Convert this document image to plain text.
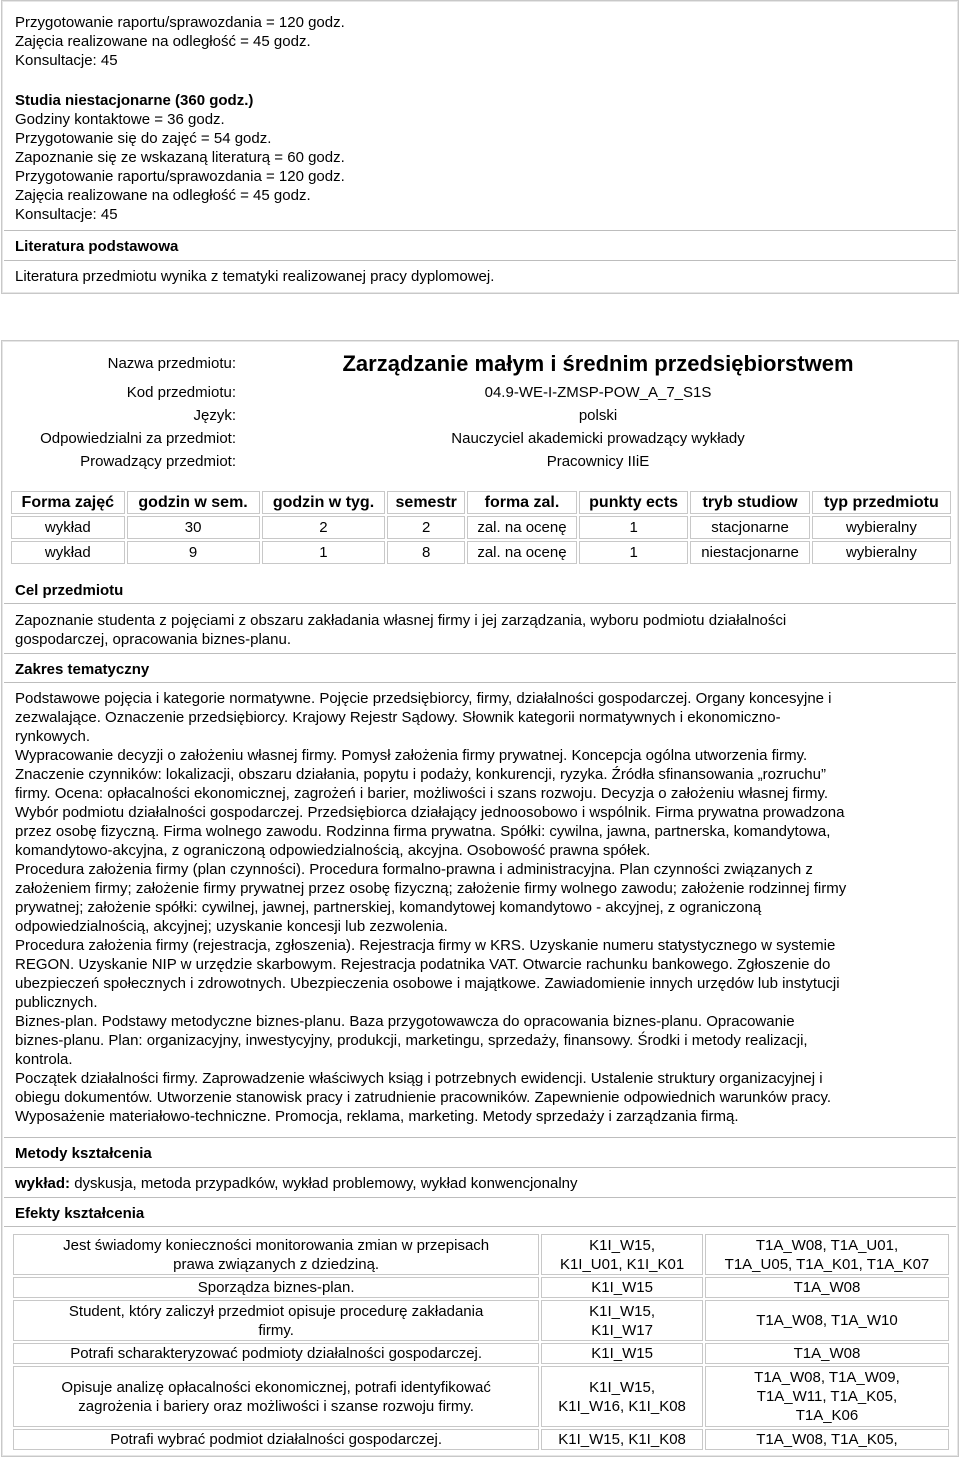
Przygotowanie raportu/sprawozdania = 120 godz.
Zajęcia realizowane na odległość = 45 godz.
Konsultacje: 45
Studia niestacjonarne (360 godz.)
Godziny kontaktowe = 36 godz.
Przygotowanie się do zajęć = 54 godz.
Zapoznanie się ze wskazaną literaturą = 60 godz.
Przygotowanie raportu/sprawozdania = 120 godz.
Zajęcia realizowane na odległość = 45 godz.
Konsultacje: 45
Literatura podstawowa
Literatura przedmiotu wynika z tematyki realizowanej pracy dyplomowej.
Nazwa przedmiotu:	Zarządzanie małym i średnim przedsiębiorstwem
Kod przedmiotu:	04.9-WE-I-ZMSP-POW_A_7_S1S
Język:	polski
Odpowiedzialni za przedmiot:	Nauczyciel akademicki prowadzący wykłady
Prowadzący przedmiot:	Pracownicy IIiE
Forma zajęć	godzin w sem.	godzin w tyg.	semestr	forma zal.	punkty ects	tryb studiow	typ przedmiotu
wykład	30	2	2	zal. na ocenę	1	stacjonarne	wybieralny
wykład	9	1	8	zal. na ocenę	1	niestacjonarne	wybieralny
Cel przedmiotu
Zapoznanie studenta z pojęciami z obszaru zakładania własnej firmy i jej zarządzania, wyboru podmiotu działalności
gospodarczej, opracowania biznes-planu.
Zakres tematyczny
Podstawowe pojęcia i kategorie normatywne. Pojęcie przedsiębiorcy, firmy, działalności gospodarczej. Organy koncesyjne i
zezwalające. Oznaczenie przedsiębiorcy. Krajowy Rejestr Sądowy. Słownik kategorii normatywnych i ekonomiczno-
rynkowych.
Wypracowanie decyzji o założeniu własnej firmy. Pomysł założenia firmy prywatnej. Koncepcja ogólna utworzenia firmy.
Znaczenie czynników: lokalizacji, obszaru działania, popytu i podaży, konkurencji, ryzyka. Źródła sfinansowania „rozruchu”
firmy. Ocena: opłacalności ekonomicznej, zagrożeń i barier, możliwości i szans rozwoju. Decyzja o założeniu własnej firmy.
Wybór podmiotu działalności gospodarczej. Przedsiębiorca działający jednoosobowo i wspólnik. Firma prywatna prowadzona
przez osobę fizyczną. Firma wolnego zawodu. Rodzinna firma prywatna. Spółki: cywilna, jawna, partnerska, komandytowa,
komandytowo-akcyjna, z ograniczoną odpowiedzialnością, akcyjna. Osobowość prawna spółek.
Procedura założenia firmy (plan czynności). Procedura formalno-prawna i administracyjna. Plan czynności związanych z
założeniem firmy; założenie firmy prywatnej przez osobę fizyczną; założenie firmy wolnego zawodu; założenie rodzinnej firmy
prywatnej; założenie spółki: cywilnej, jawnej, partnerskiej, komandytowej komandytowo - akcyjnej, z ograniczoną
odpowiedzialnością, akcyjnej; uzyskanie koncesji lub zezwolenia.
Procedura założenia firmy (rejestracja, zgłoszenia). Rejestracja firmy w KRS. Uzyskanie numeru statystycznego w systemie
REGON. Uzyskanie NIP w urzędzie skarbowym. Rejestracja podatnika VAT. Otwarcie rachunku bankowego. Zgłoszenie do
ubezpieczeń społecznych i zdrowotnych. Ubezpieczenia osobowe i majątkowe. Zawiadomienie innych urzędów lub instytucji
publicznych.
Biznes-plan. Podstawy metodyczne biznes-planu. Baza przygotowawcza do opracowania biznes-planu. Opracowanie
biznes-planu. Plan: organizacyjny, inwestycyjny, produkcji, marketingu, sprzedaży, finansowy. Środki i metody realizacji,
kontrola.
Początek działalności firmy. Zaprowadzenie właściwych ksiąg i potrzebnych ewidencji. Ustalenie struktury organizacyjnej i
obiegu dokumentów. Utworzenie stanowisk pracy i zatrudnienie pracowników. Zapewnienie odpowiednich warunków pracy.
Wyposażenie materiałowo-techniczne. Promocja, reklama, marketing. Metody sprzedaży i zarządzania firmą.
Metody kształcenia
wykład: dyskusja, metoda przypadków, wykład problemowy, wykład konwencjonalny
Efekty kształcenia
Jest świadomy konieczności monitorowania zmian w przepisach
prawa związanych z dziedziną.	K1I_W15,
K1I_U01, K1I_K01	T1A_W08, T1A_U01,
T1A_U05, T1A_K01, T1A_K07

Sporządza biznes-plan.	K1I_W15	T1A_W08

Student, który zaliczył przedmiot opisuje procedurę zakładania
firmy.	K1I_W15,
K1I_W17	T1A_W08, T1A_W10

Potrafi scharakteryzować podmioty działalności gospodarczej.	K1I_W15	T1A_W08

Opisuje analizę opłacalności ekonomicznej, potrafi identyfikować
zagrożenia i bariery oraz możliwości i szanse rozwoju firmy.	K1I_W15,
K1I_W16, K1I_K08	T1A_W08, T1A_W09,
T1A_W11, T1A_K05,
T1A_K06

Potrafi wybrać podmiot działalności gospodarczej.	K1I_W15, K1I_K08	T1A_W08, T1A_K05,
